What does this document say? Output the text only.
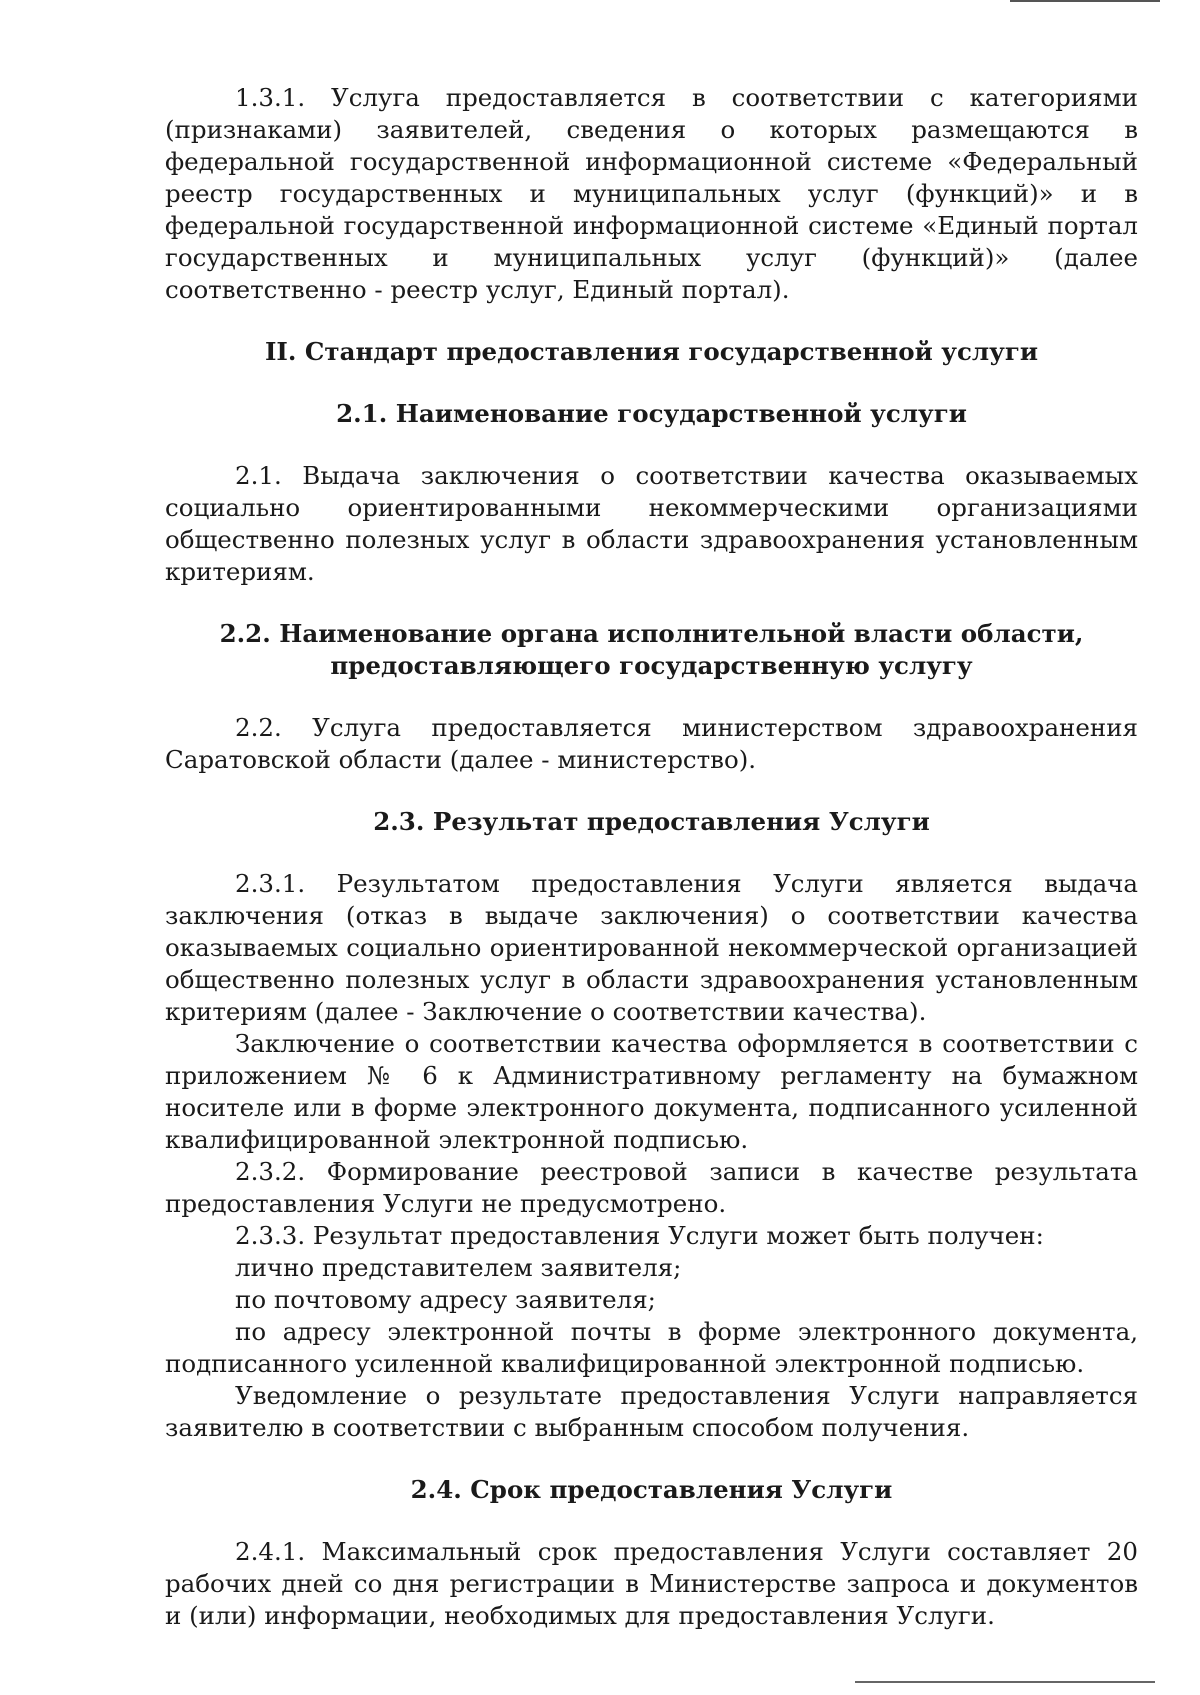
1.3.1. Услуга предоставляется в соответствии с категориями (признаками) заявителей, сведения о которых размещаются в федеральной государственной информационной системе «Федеральный реестр государственных и муниципальных услуг (функций)» и в федеральной государственной информационной системе «Единый портал государственных и муниципальных услуг (функций)» (далее соответственно - реестр услуг, Единый портал).

II. Стандарт предоставления государственной услуги
2.1. Наименование государственной услуги

2.1. Выдача заключения о соответствии качества оказываемых социально ориентированными некоммерческими организациями общественно полезных услуг в области здравоохранения установленным критериям.

2.2. Наименование органа исполнительной власти области,
предоставляющего государственную услугу

2.2. Услуга предоставляется министерством здравоохранения Саратовской области (далее - министерство).

2.3. Результат предоставления Услуги

2.3.1. Результатом предоставления Услуги является выдача заключения (отказ в выдаче заключения) о соответствии качества оказываемых социально ориентированной некоммерческой организацией общественно полезных услуг в области здравоохранения установленным критериям (далее - Заключение о соответствии качества).

Заключение о соответствии качества оформляется в соответствии с приложением № 6 к Административному регламенту на бумажном носителе или в форме электронного документа, подписанного усиленной квалифицированной электронной подписью.

2.3.2. Формирование реестровой записи в качестве результата предоставления Услуги не предусмотрено.

2.3.3. Результат предоставления Услуги может быть получен:

лично представителем заявителя;

по почтовому адресу заявителя;

по адресу электронной почты в форме электронного документа, подписанного усиленной квалифицированной электронной подписью.

Уведомление о результате предоставления Услуги направляется заявителю в соответствии с выбранным способом получения.

2.4. Срок предоставления Услуги

2.4.1. Максимальный срок предоставления Услуги составляет 20 рабочих дней со дня регистрации в Министерстве запроса и документов и (или) информации, необходимых для предоставления Услуги.
